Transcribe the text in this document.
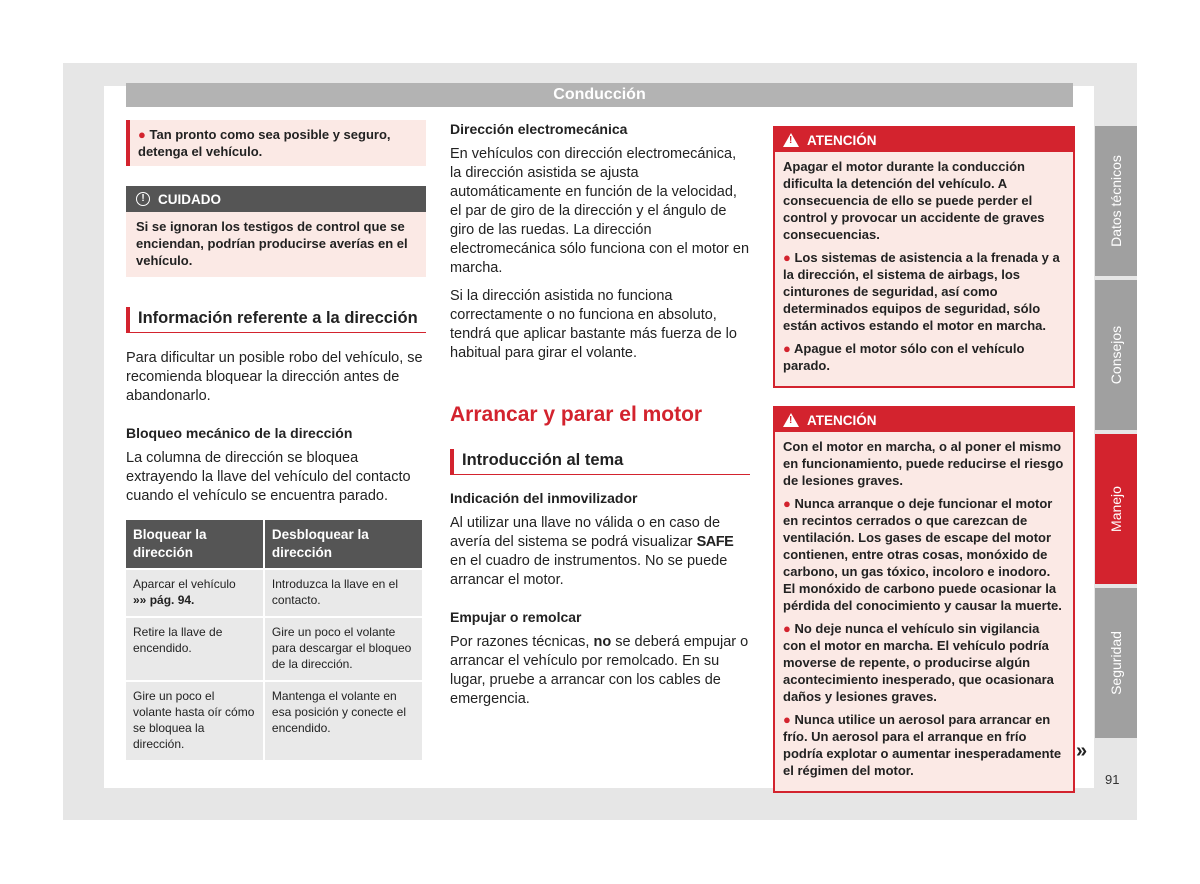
Conducción
● Tan pronto como sea posible y seguro, detenga el vehículo.
! CUIDADO
Si se ignoran los testigos de control que se enciendan, podrían producirse averías en el vehículo.
Información referente a la dirección

Para dificultar un posible robo del vehículo, se recomienda bloquear la dirección antes de abandonarlo.

Bloqueo mecánico de la dirección

La columna de dirección se bloquea extrayendo la llave del vehículo del contacto cuando el vehículo se encuentra parado.

Bloquear la dirección	Desbloquear la dirección
Aparcar el vehículo
»» pág. 94.	Introduzca la llave en el contacto.
Retire la llave de encendido.	Gire un poco el volante para descargar el bloqueo de la dirección.
Gire un poco el volante hasta oír cómo se bloquea la dirección.	Mantenga el volante en esa posición y conecte el encendido.
Dirección electromecánica

En vehículos con dirección electromecánica, la dirección asistida se ajusta automáticamente en función de la velocidad, el par de giro de la dirección y el ángulo de giro de las ruedas. La dirección electromecánica sólo funciona con el motor en marcha.

Si la dirección asistida no funciona correctamente o no funciona en absoluto, tendrá que aplicar bastante más fuerza de lo habitual para girar el volante.

Arrancar y parar el motor
Introducción al tema
Indicación del inmovilizador

Al utilizar una llave no válida o en caso de avería del sistema se podrá visualizar SAFE en el cuadro de instrumentos. No se puede arrancar el motor.

Empujar o remolcar

Por razones técnicas, no se deberá empujar o arrancar el vehículo por remolcado. En su lugar, pruebe a arrancar con los cables de emergencia.

! ATENCIÓN

Apagar el motor durante la conducción dificulta la detención del vehículo. A consecuencia de ello se puede perder el control y provocar un accidente de graves consecuencias.

● Los sistemas de asistencia a la frenada y a la dirección, el sistema de airbags, los cinturones de seguridad, así como determinados equipos de seguridad, sólo están activos estando el motor en marcha.

● Apague el motor sólo con el vehículo parado.

! ATENCIÓN

Con el motor en marcha, o al poner el mismo en funcionamiento, puede reducirse el riesgo de lesiones graves.

● Nunca arranque o deje funcionar el motor en recintos cerrados o que carezcan de ventilación. Los gases de escape del motor contienen, entre otras cosas, monóxido de carbono, un gas tóxico, incoloro e inodoro. El monóxido de carbono puede ocasionar la pérdida del conocimiento y causar la muerte.

● No deje nunca el vehículo sin vigilancia con el motor en marcha. El vehículo podría moverse de repente, o producirse algún acontecimiento inesperado, que ocasionara daños y lesiones graves.

● Nunca utilice un aerosol para arrancar en frío. Un aerosol para el arranque en frío podría explotar o aumentar inesperadamente el régimen del motor.

»
Datos técnicos
Consejos
Manejo
Seguridad
91
